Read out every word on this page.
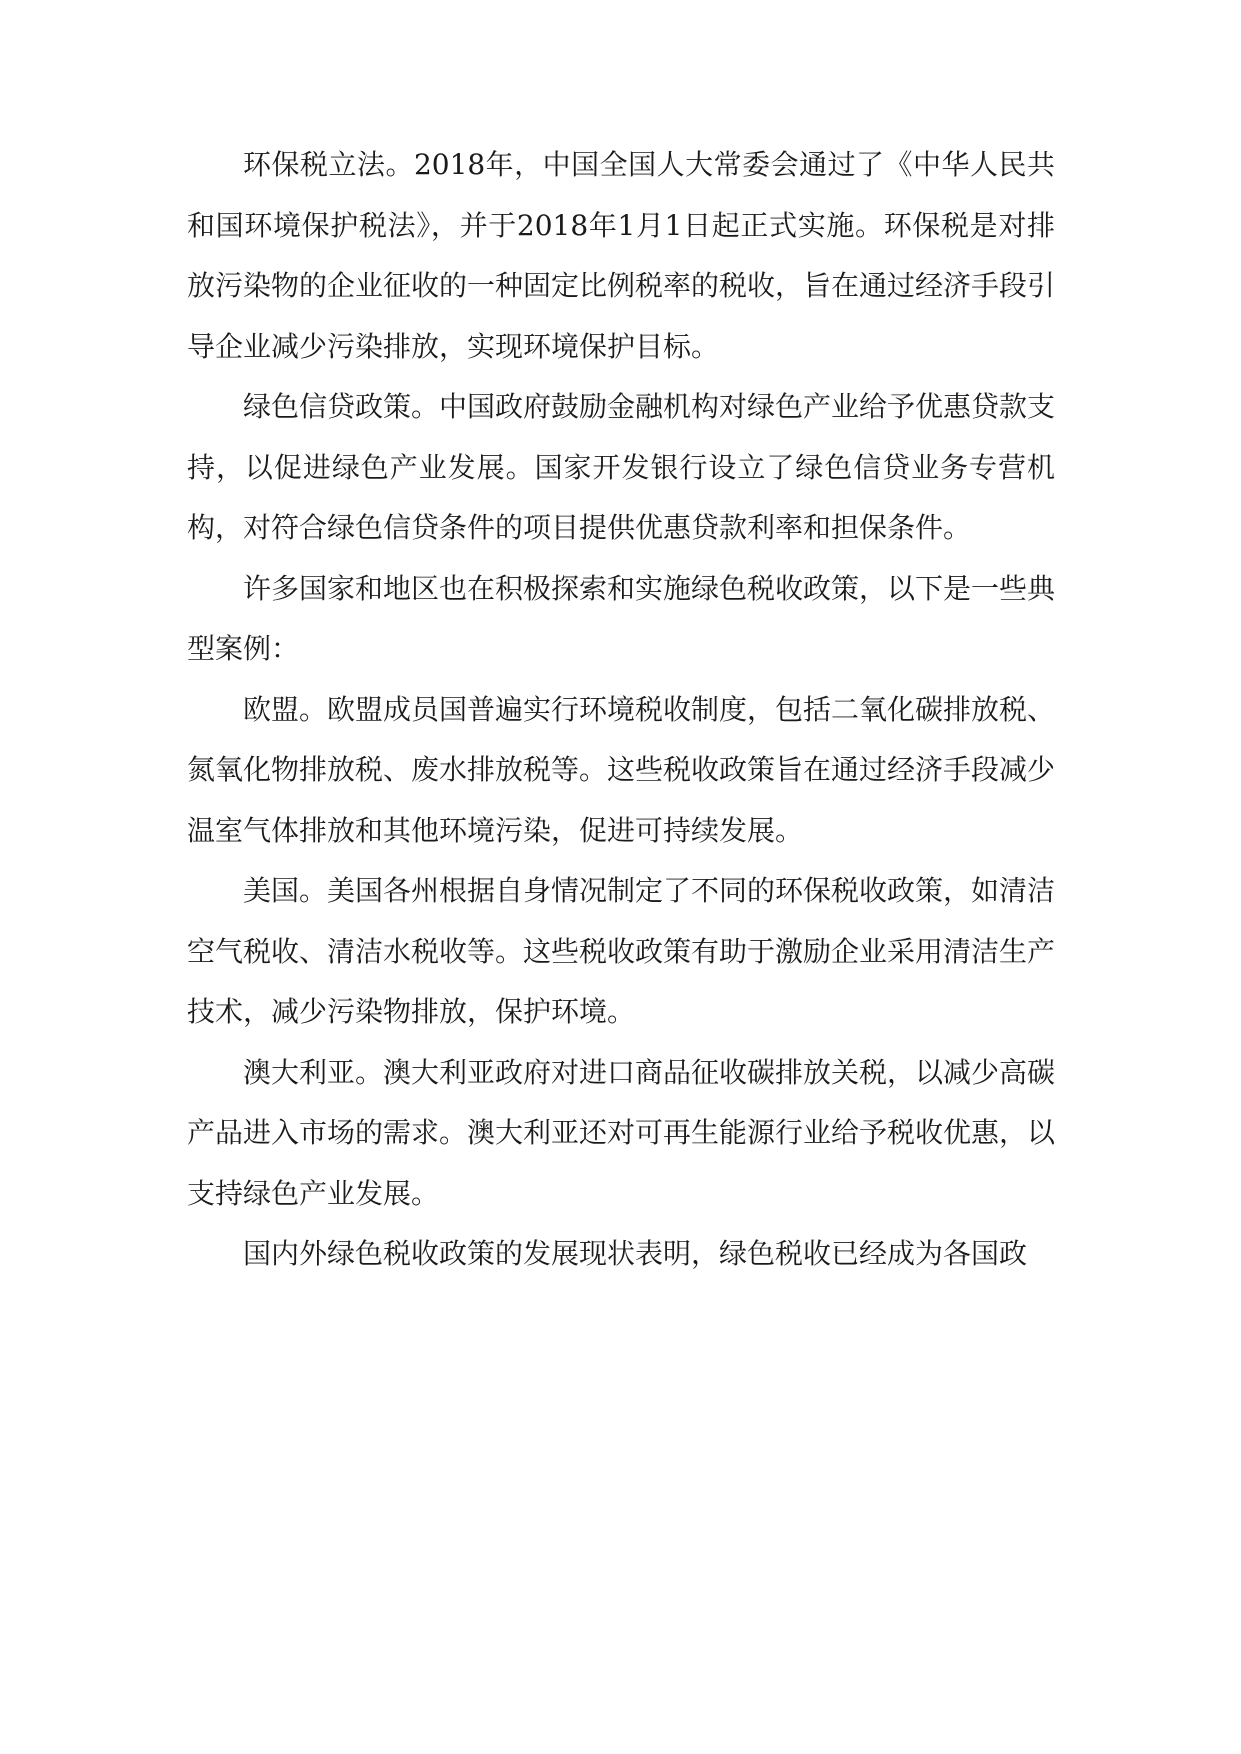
环保税立法。2018年，中国全国人大常委会通过了《中华人民共和国环境保护税法》，并于2018年1月1日起正式实施。环保税是对排放污染物的企业征收的一种固定比例税率的税收，旨在通过经济手段引导企业减少污染排放，实现环境保护目标。

绿色信贷政策。中国政府鼓励金融机构对绿色产业给予优惠贷款支持，以促进绿色产业发展。国家开发银行设立了绿色信贷业务专营机构，对符合绿色信贷条件的项目提供优惠贷款利率和担保条件。

许多国家和地区也在积极探索和实施绿色税收政策，以下是一些典型案例：

欧盟。欧盟成员国普遍实行环境税收制度，包括二氧化碳排放税、氮氧化物排放税、废水排放税等。这些税收政策旨在通过经济手段减少温室气体排放和其他环境污染，促进可持续发展。

美国。美国各州根据自身情况制定了不同的环保税收政策，如清洁空气税收、清洁水税收等。这些税收政策有助于激励企业采用清洁生产技术，减少污染物排放，保护环境。

澳大利亚。澳大利亚政府对进口商品征收碳排放关税，以减少高碳产品进入市场的需求。澳大利亚还对可再生能源行业给予税收优惠，以支持绿色产业发展。

国内外绿色税收政策的发展现状表明，绿色税收已经成为各国政
